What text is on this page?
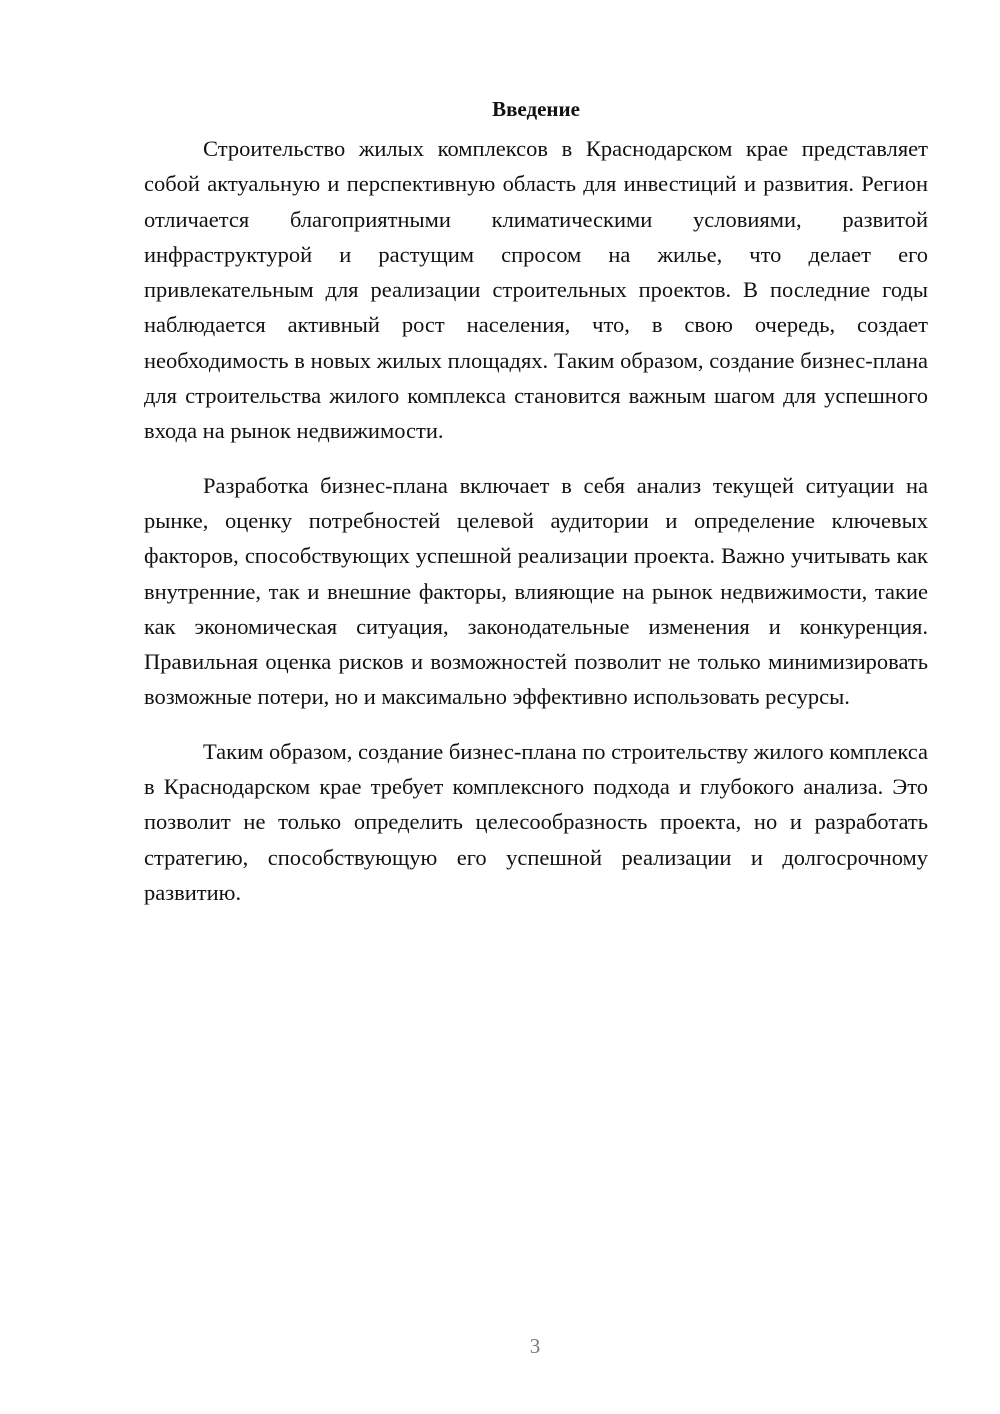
Введение

Строительство жилых комплексов в Краснодарском крае представляет собой актуальную и перспективную область для инвестиций и развития. Регион отличается благоприятными климатическими условиями, развитой инфраструктурой и растущим спросом на жилье, что делает его привлекательным для реализации строительных проектов. В последние годы наблюдается активный рост населения, что, в свою очередь, создает необходимость в новых жилых площадях. Таким образом, создание бизнес-плана для строительства жилого комплекса становится важным шагом для успешного входа на рынок недвижимости.

Разработка бизнес-плана включает в себя анализ текущей ситуации на рынке, оценку потребностей целевой аудитории и определение ключевых факторов, способствующих успешной реализации проекта. Важно учитывать как внутренние, так и внешние факторы, влияющие на рынок недвижимости, такие как экономическая ситуация, законодательные изменения и конкуренция. Правильная оценка рисков и возможностей позволит не только минимизировать возможные потери, но и максимально эффективно использовать ресурсы.

Таким образом, создание бизнес-плана по строительству жилого комплекса в Краснодарском крае требует комплексного подхода и глубокого анализа. Это позволит не только определить целесообразность проекта, но и разработать стратегию, способствующую его успешной реализации и долгосрочному развитию.

3
